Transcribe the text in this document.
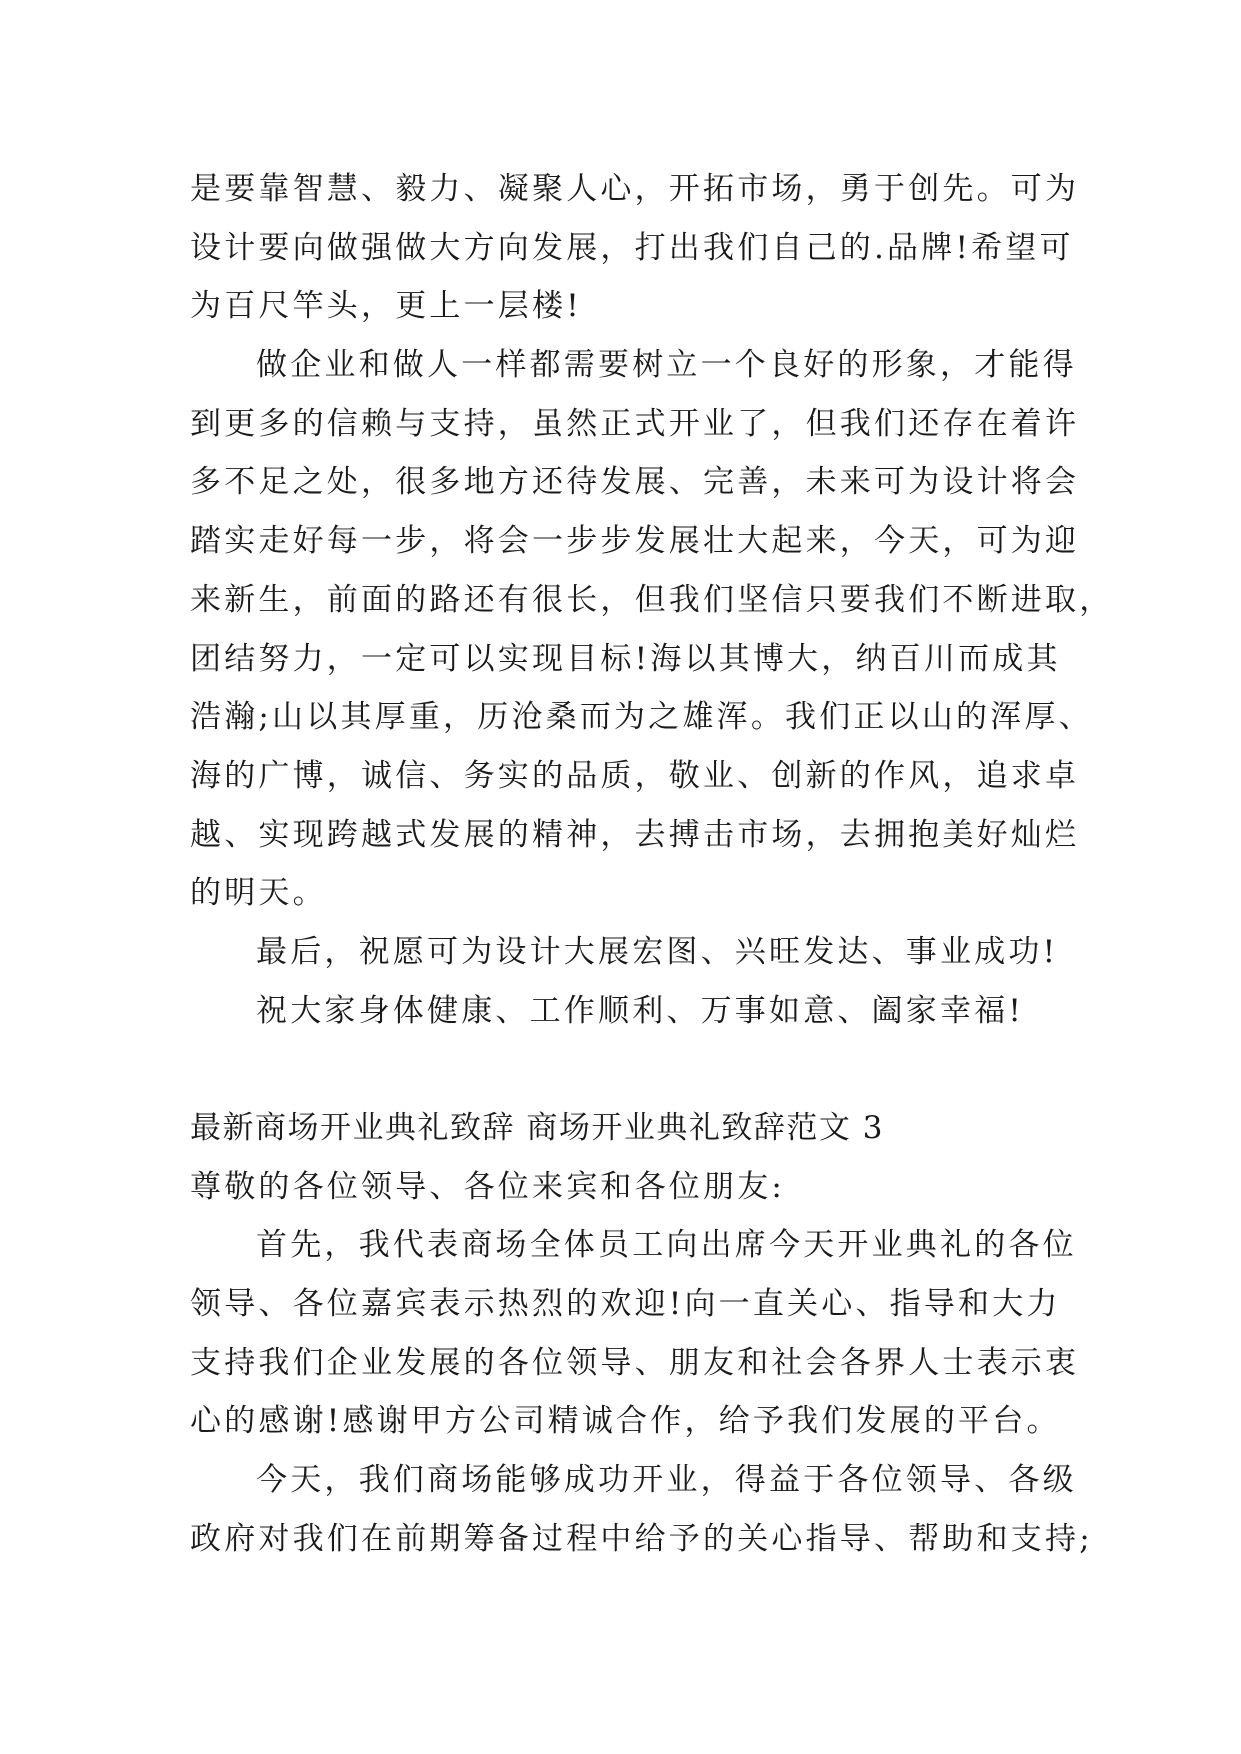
是要靠智慧、毅力、凝聚人心，开拓市场，勇于创先。可为
设计要向做强做大方向发展，打出我们自己的.品牌!希望可
为百尺竿头，更上一层楼!
做企业和做人一样都需要树立一个良好的形象，才能得
到更多的信赖与支持，虽然正式开业了，但我们还存在着许
多不足之处，很多地方还待发展、完善，未来可为设计将会
踏实走好每一步，将会一步步发展壮大起来，今天，可为迎
来新生，前面的路还有很长，但我们坚信只要我们不断进取，
团结努力，一定可以实现目标!海以其博大，纳百川而成其
浩瀚;山以其厚重，历沧桑而为之雄浑。我们正以山的浑厚、
海的广博，诚信、务实的品质，敬业、创新的作风，追求卓
越、实现跨越式发展的精神，去搏击市场，去拥抱美好灿烂
的明天。
最后，祝愿可为设计大展宏图、兴旺发达、事业成功!
祝大家身体健康、工作顺利、万事如意、阖家幸福!
最新商场开业典礼致辞 商场开业典礼致辞范文 3
尊敬的各位领导、各位来宾和各位朋友:
首先，我代表商场全体员工向出席今天开业典礼的各位
领导、各位嘉宾表示热烈的欢迎!向一直关心、指导和大力
支持我们企业发展的各位领导、朋友和社会各界人士表示衷
心的感谢!感谢甲方公司精诚合作，给予我们发展的平台。
今天，我们商场能够成功开业，得益于各位领导、各级
政府对我们在前期筹备过程中给予的关心指导、帮助和支持;
